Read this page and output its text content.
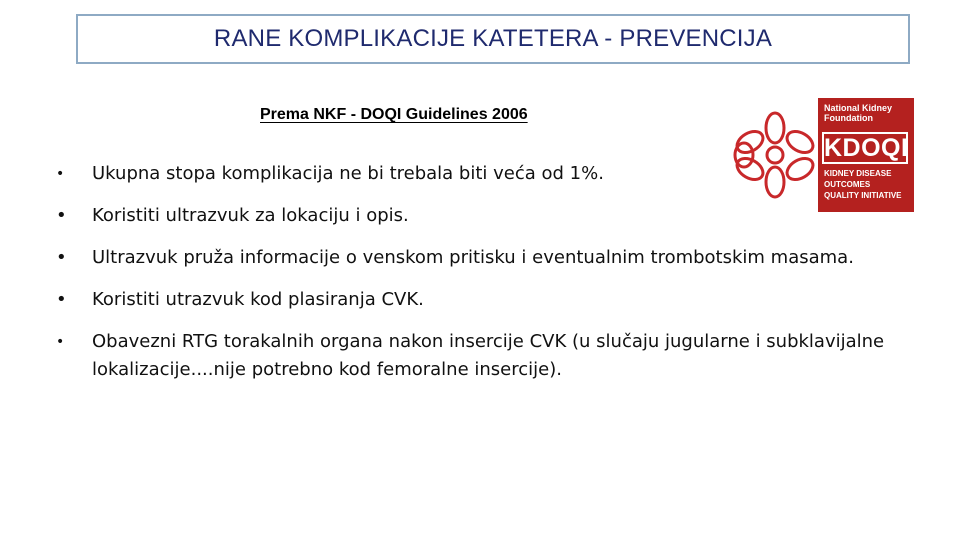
RANE KOMPLIKACIJE KATETERA - PREVENCIJA
Prema NKF - DOQI Guidelines 2006	National Kidney
Foundation
KDOQI
KIDNEY DISEASE
OUTCOMES
QUALITY INITIATIVE
• Ukupna stopa komplikacija ne bi trebala biti veća od 1%.
• Koristiti ultrazvuk za lokaciju i opis.
• Ultrazvuk pruža informacije o venskom pritisku i eventualnim trombotskim masama.
• Koristiti utrazvuk kod plasiranja CVK.
• Obavezni RTG torakalnih organa nakon insercije CVK (u slučaju jugularne i subklavijalne lokalizacije....nije potrebno kod femoralne insercije).
